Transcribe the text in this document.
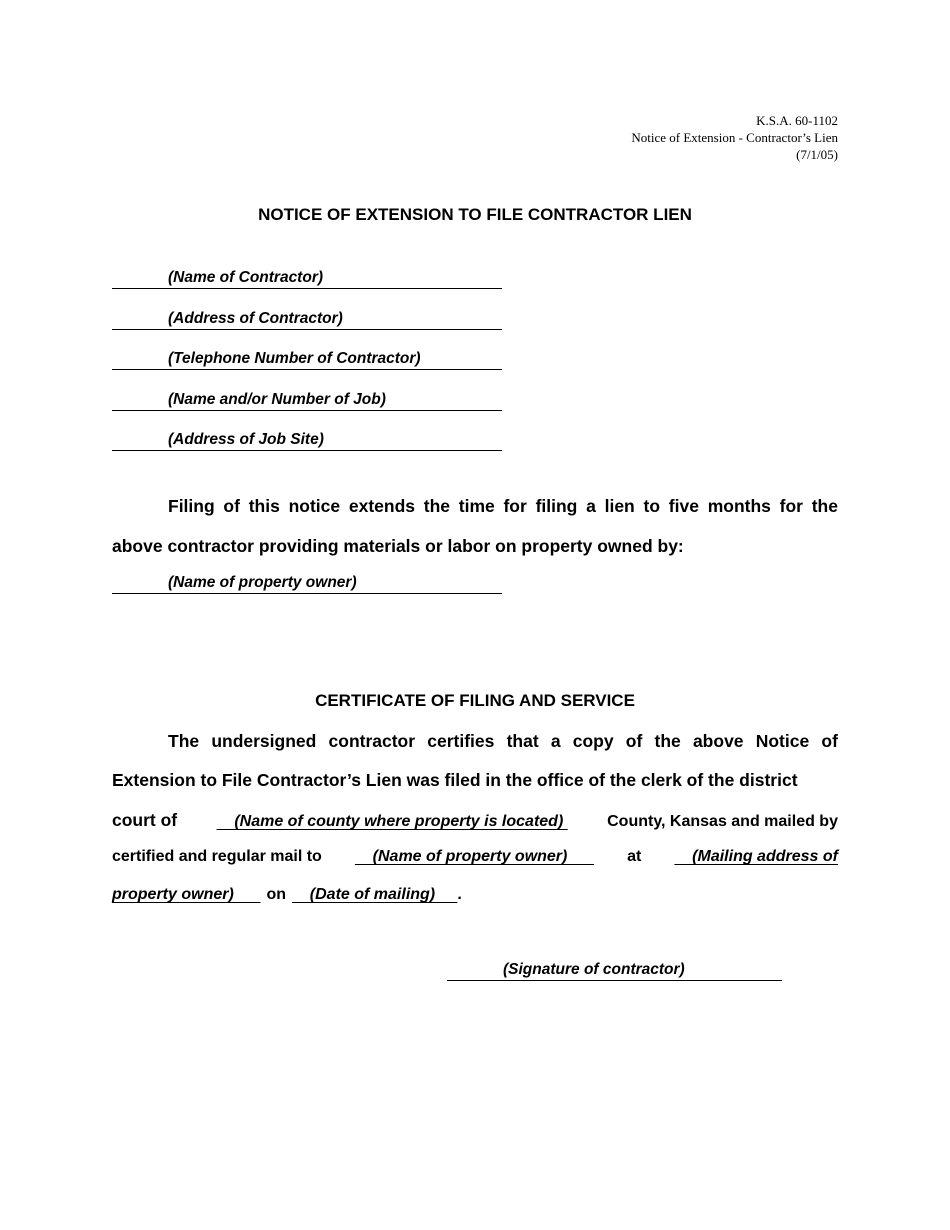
K.S.A. 60-1102
Notice of Extension - Contractor’s Lien
(7/1/05)
NOTICE OF EXTENSION TO FILE CONTRACTOR LIEN
(Name of Contractor)
(Address of Contractor)
(Telephone Number of Contractor)
(Name and/or Number of Job)
(Address of Job Site)
Filing of this notice extends the time for filing a lien to five months for the
above contractor providing materials or labor on property owned by:
(Name of property owner)
CERTIFICATE OF FILING AND SERVICE
The undersigned contractor certifies that a copy of the above Notice of
Extension to File Contractor’s Lien was filed in the office of the clerk of the district
court of (Name of county where property is located) County, Kansas and mailed by
certified and regular mail to (Name of property owner) at (Mailing address of
property owner) on (Date of mailing) .
(Signature of contractor)
